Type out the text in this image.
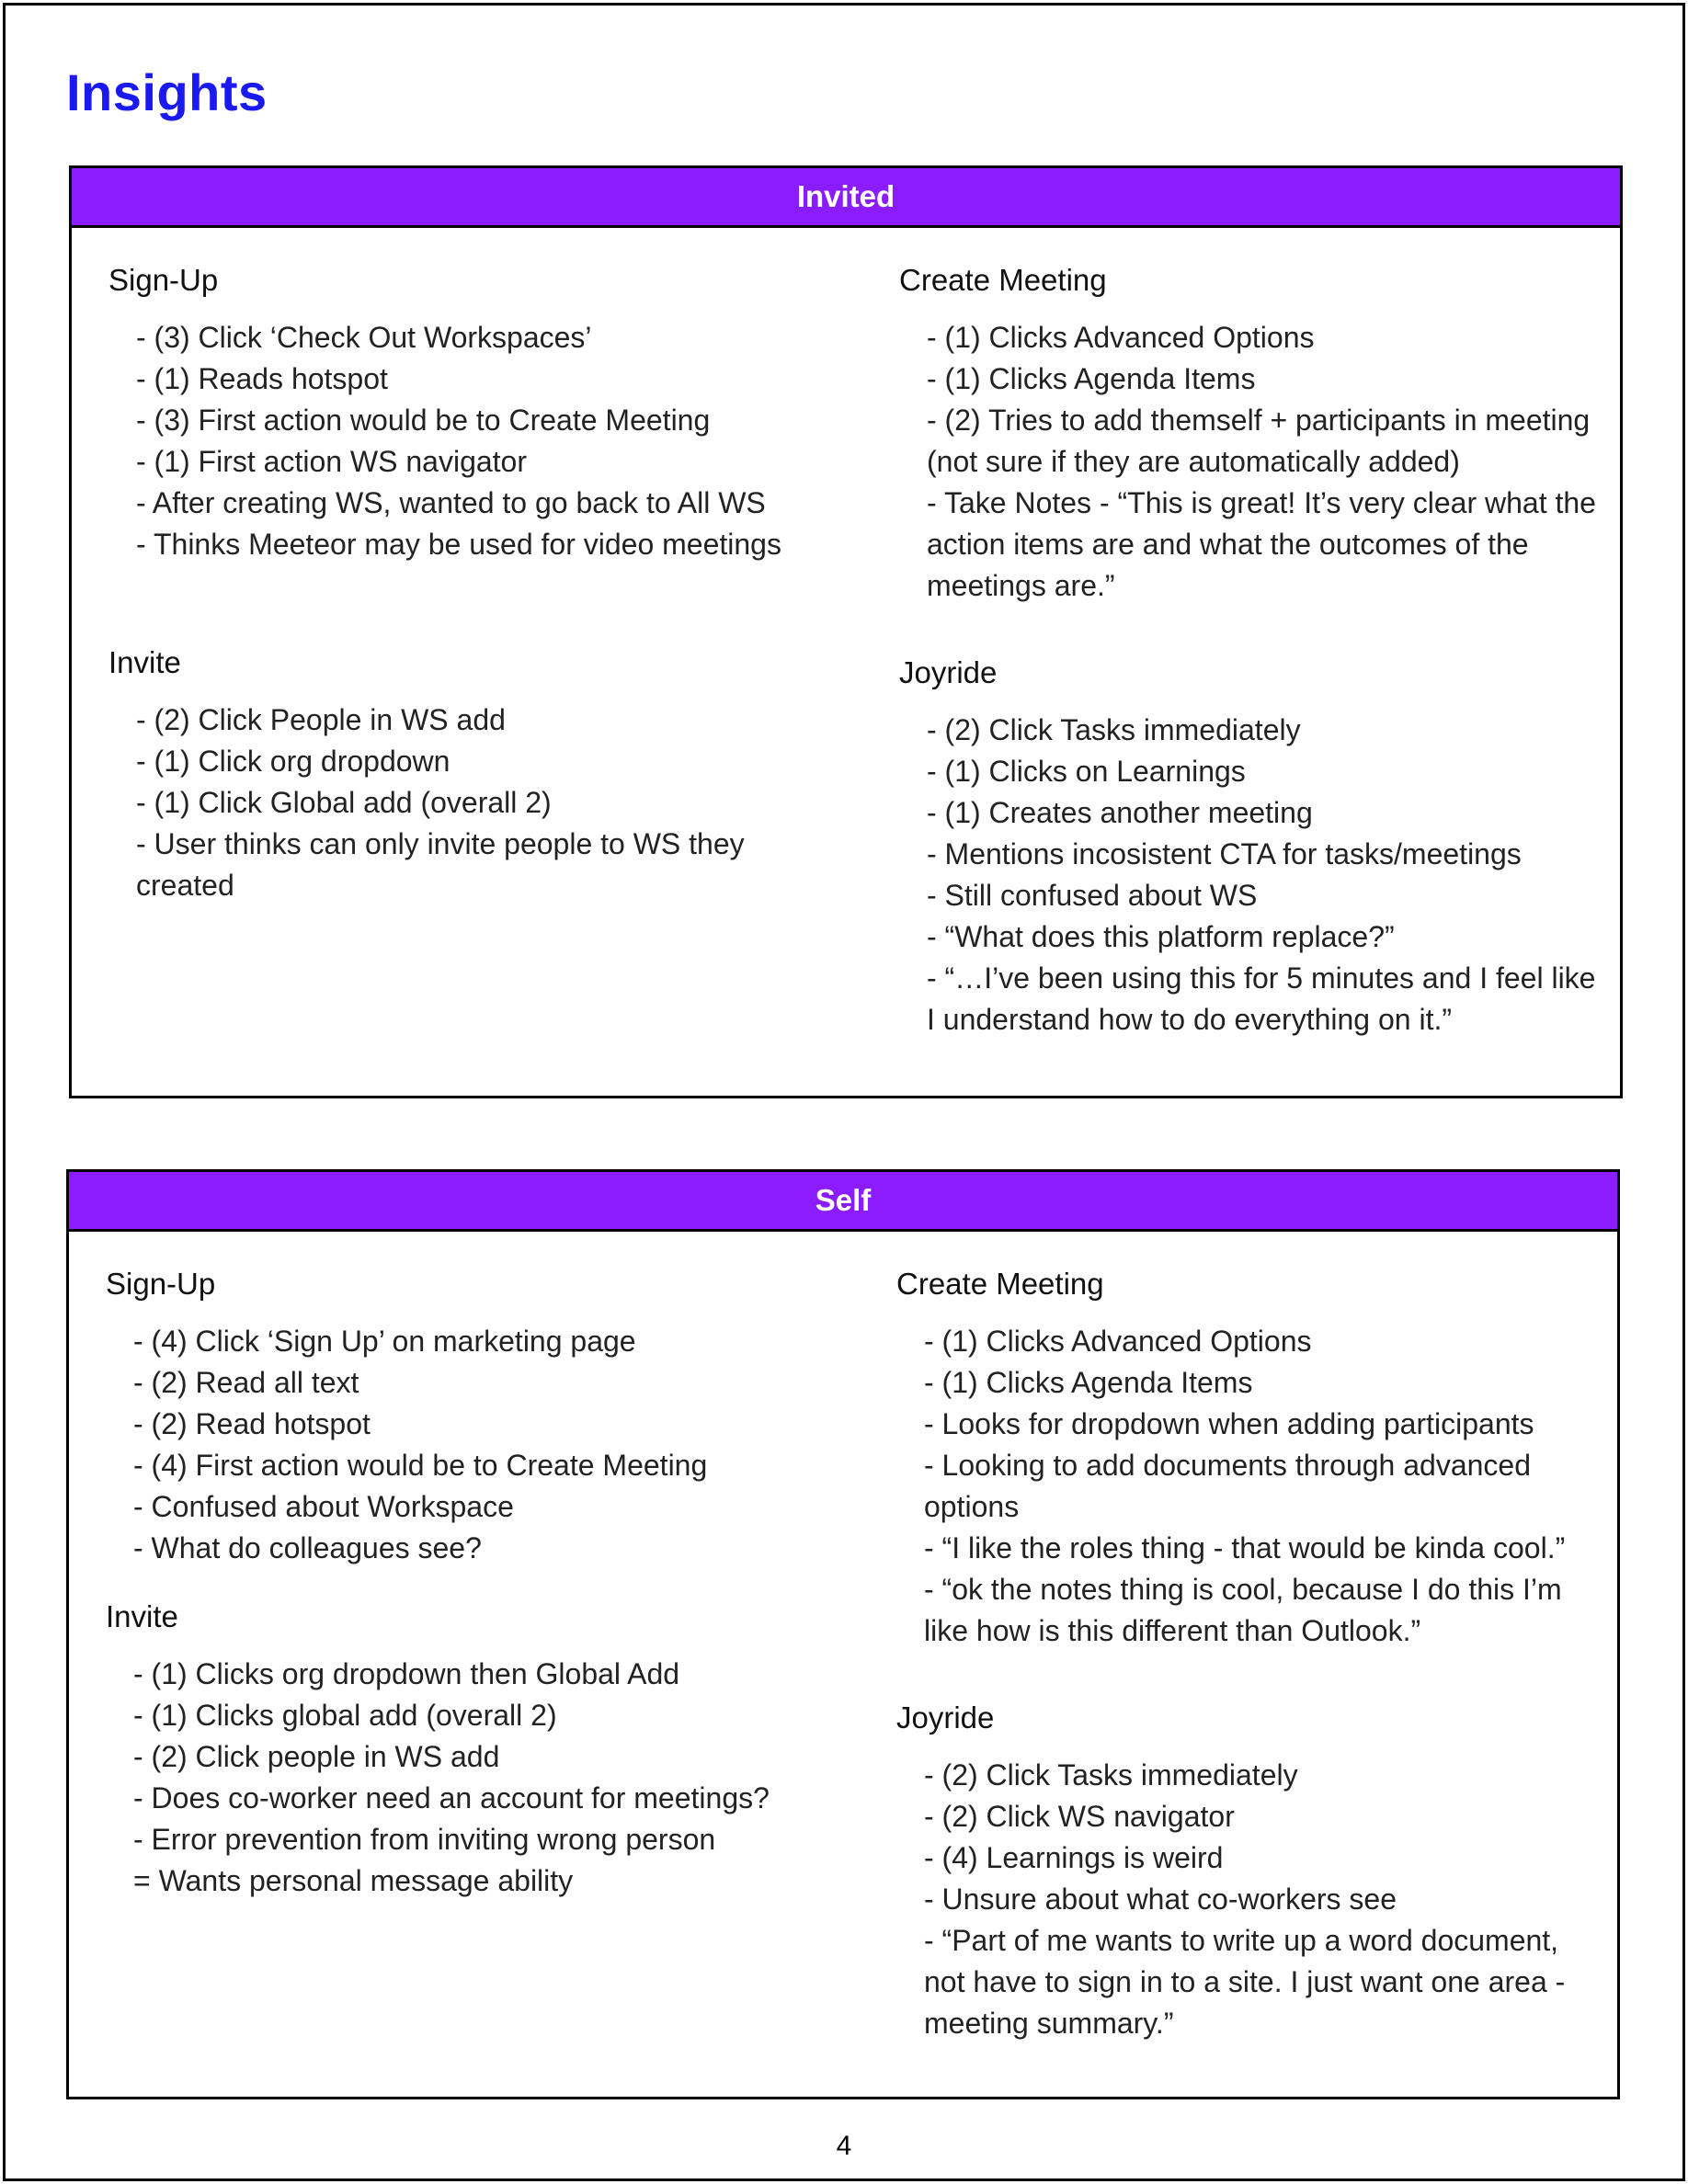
Insights
Invited
Sign-Up
- (3) Click ‘Check Out Workspaces’
- (1) Reads hotspot
- (3) First action would be to Create Meeting
- (1) First action WS navigator
- After creating WS, wanted to go back to All WS
- Thinks Meeteor may be used for video meetings
Invite
- (2) Click People in WS add
- (1) Click org dropdown
- (1) Click Global add (overall 2)
- User thinks can only invite people to WS they created
Create Meeting
- (1) Clicks Advanced Options
- (1) Clicks Agenda Items
- (2) Tries to add themself + participants in meeting (not sure if they are automatically added)
- Take Notes - “This is great! It’s very clear what the action items are and what the outcomes of the meetings are.”
Joyride
- (2) Click Tasks immediately
- (1) Clicks on Learnings
- (1) Creates another meeting
- Mentions incosistent CTA for tasks/meetings
- Still confused about WS
- “What does this platform replace?”
- “…I’ve been using this for 5 minutes and I feel like I understand how to do everything on it.”
Self
Sign-Up
- (4) Click ‘Sign Up’ on marketing page
- (2) Read all text
- (2) Read hotspot
- (4) First action would be to Create Meeting
- Confused about Workspace
- What do colleagues see?
Invite
- (1) Clicks org dropdown then Global Add
- (1) Clicks global add (overall 2)
- (2) Click people in WS add
- Does co-worker need an account for meetings?
- Error prevention from inviting wrong person
= Wants personal message ability
Create Meeting
- (1) Clicks Advanced Options
- (1) Clicks Agenda Items
- Looks for dropdown when adding participants
- Looking to add documents through advanced options
- “I like the roles thing - that would be kinda cool.”
- “ok the notes thing is cool, because I do this I’m like how is this different than Outlook.”
Joyride
- (2) Click Tasks immediately
- (2) Click WS navigator
- (4) Learnings is weird
- Unsure about what co-workers see
- “Part of me wants to write up a word document, not have to sign in to a site. I just want one area - meeting summary.”
4
